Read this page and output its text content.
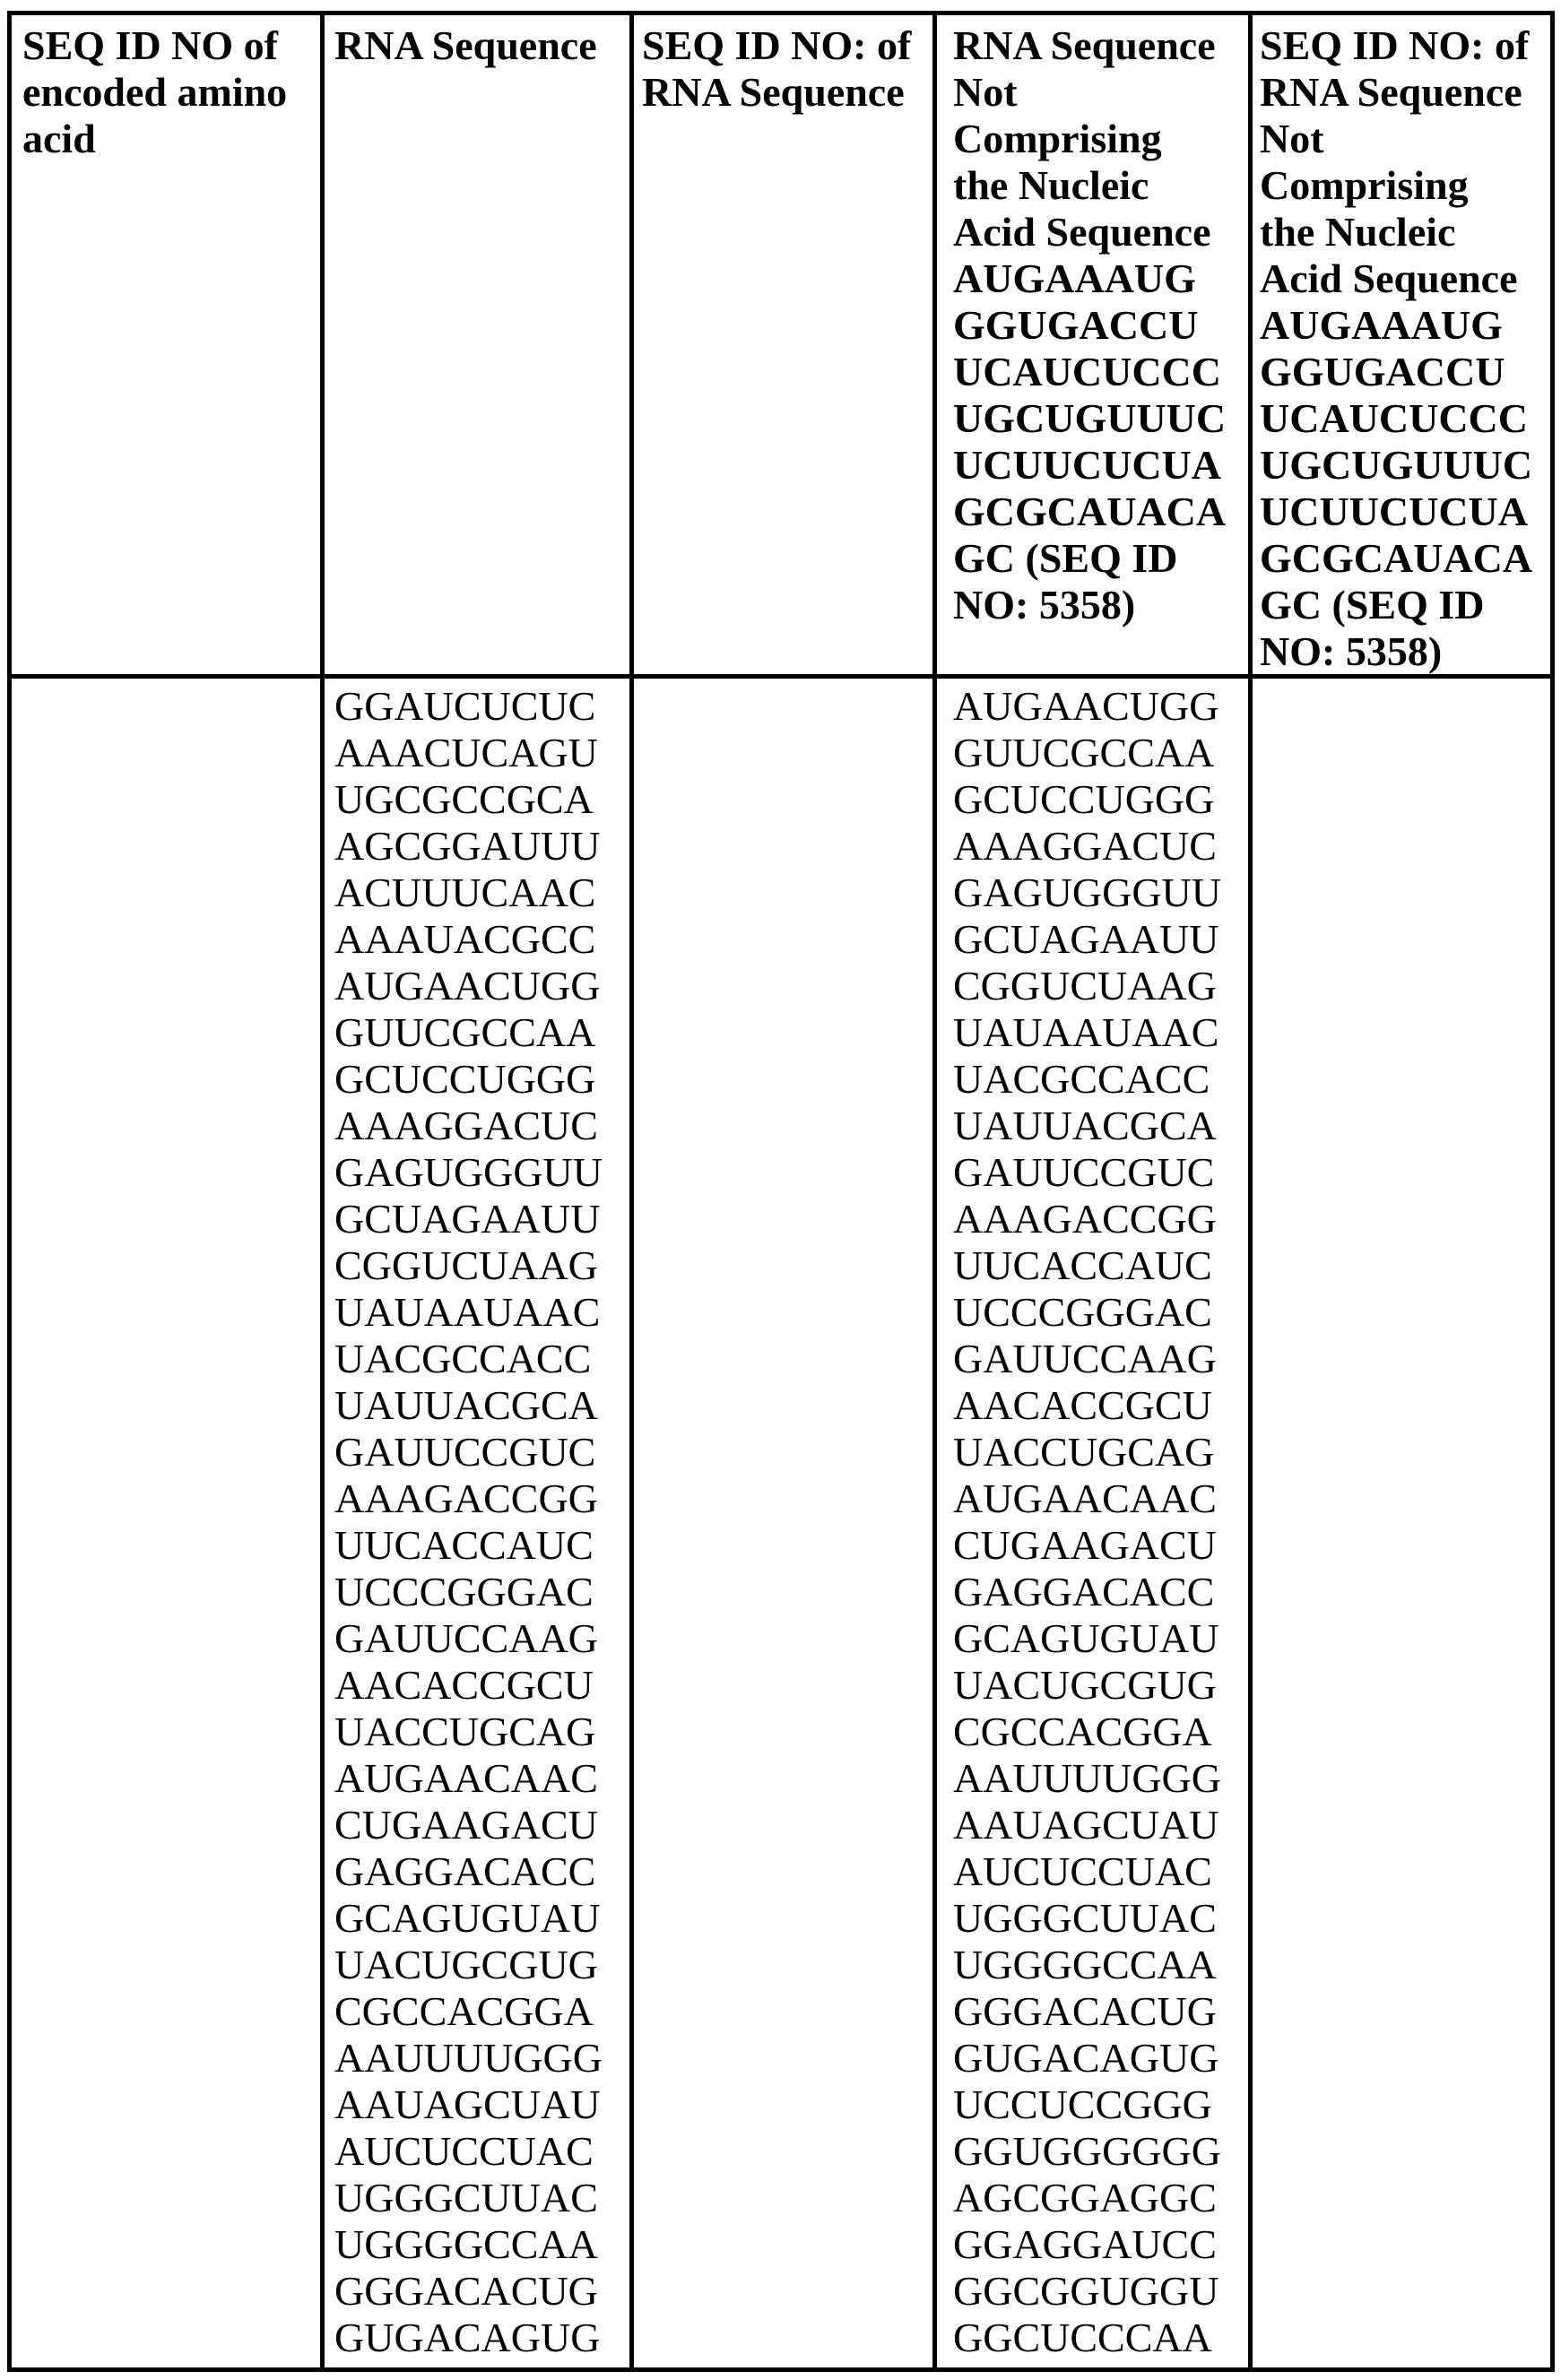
SEQ ID NO of
encoded amino
acid
RNA Sequence	SEQ ID NO: of
RNA Sequence
RNA Sequence
Not
Comprising
the Nucleic
Acid Sequence
AUGAAAUG
GGUGACCU
UCAUCUCCC
UGCUGUUUC
UCUUCUCUA
GCGCAUACA
GC (SEQ ID
NO: 5358)
SEQ ID NO: of
RNA Sequence
Not
Comprising
the Nucleic
Acid Sequence
AUGAAAUG
GGUGACCU
UCAUCUCCC
UGCUGUUUC
UCUUCUCUA
GCGCAUACA
GC (SEQ ID
NO: 5358)
GGAUCUCUC
AAACUCAGU
UGCGCCGCA
AGCGGAUUU
ACUUUCAAC
AAAUACGCC
AUGAACUGG
GUUCGCCAA
GCUCCUGGG
AAAGGACUC
GAGUGGGUU
GCUAGAAUU
CGGUCUAAG
UAUAAUAAC
UACGCCACC
UAUUACGCA
GAUUCCGUC
AAAGACCGG
UUCACCAUC
UCCCGGGAC
GAUUCCAAG
AACACCGCU
UACCUGCAG
AUGAACAAC
CUGAAGACU
GAGGACACC
GCAGUGUAU
UACUGCGUG
CGCCACGGA
AAUUUUGGG
AAUAGCUAU
AUCUCCUAC
UGGGCUUAC
UGGGGCCAA
GGGACACUG
GUGACAGUG
AUGAACUGG
GUUCGCCAA
GCUCCUGGG
AAAGGACUC
GAGUGGGUU
GCUAGAAUU
CGGUCUAAG
UAUAAUAAC
UACGCCACC
UAUUACGCA
GAUUCCGUC
AAAGACCGG
UUCACCAUC
UCCCGGGAC
GAUUCCAAG
AACACCGCU
UACCUGCAG
AUGAACAAC
CUGAAGACU
GAGGACACC
GCAGUGUAU
UACUGCGUG
CGCCACGGA
AAUUUUGGG
AAUAGCUAU
AUCUCCUAC
UGGGCUUAC
UGGGGCCAA
GGGACACUG
GUGACAGUG
UCCUCCGGG
GGUGGGGGG
AGCGGAGGC
GGAGGAUCC
GGCGGUGGU
GGCUCCCAA
